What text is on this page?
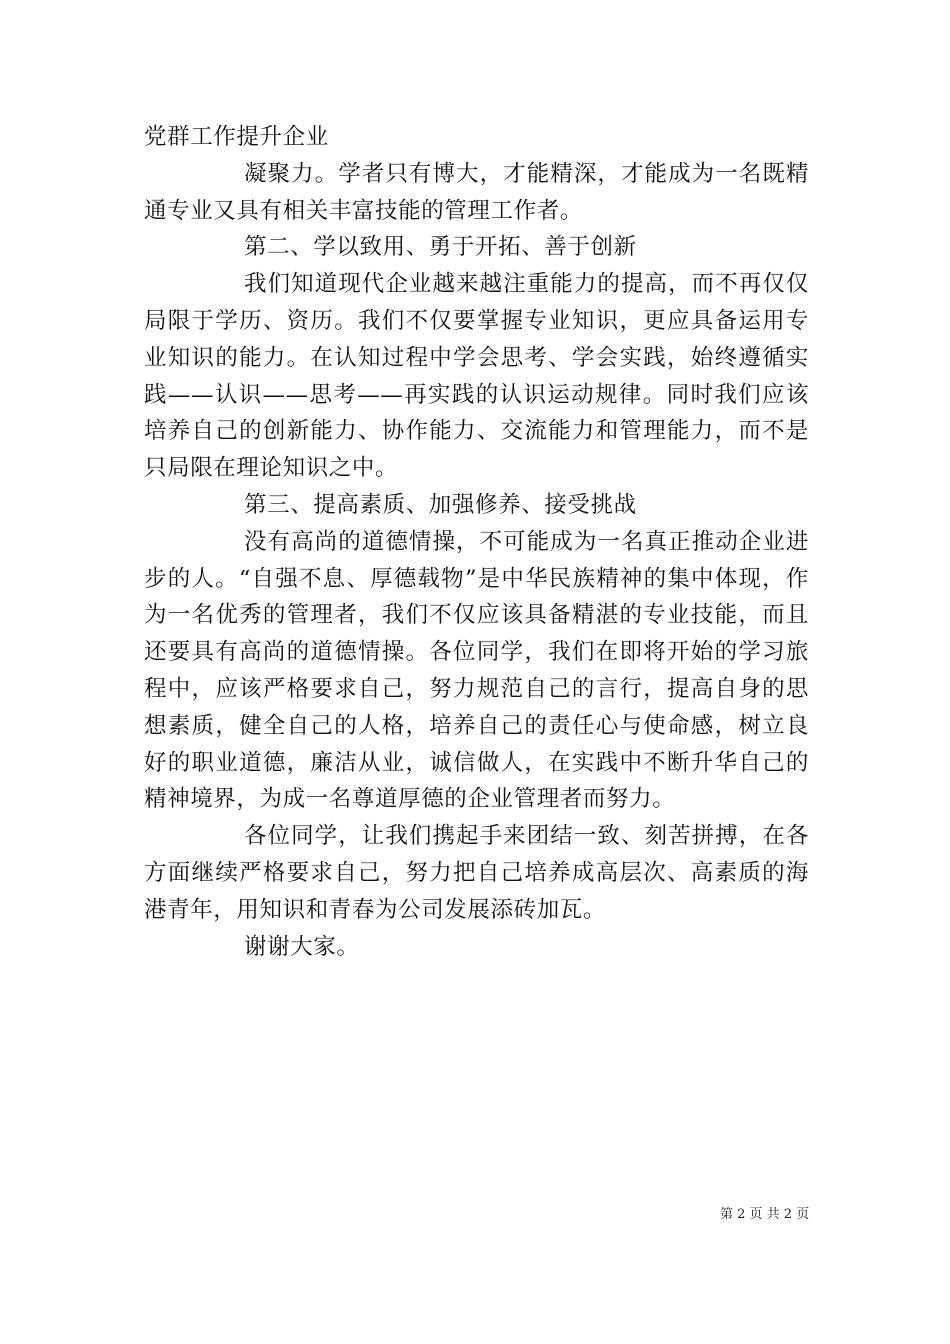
党群工作提升企业

凝聚力。学者只有博大，才能精深，才能成为一名既精通专业又具有相关丰富技能的管理工作者。

第二、学以致用、勇于开拓、善于创新

我们知道现代企业越来越注重能力的提高，而不再仅仅局限于学历、资历。我们不仅要掌握专业知识，更应具备运用专业知识的能力。在认知过程中学会思考、学会实践，始终遵循实践——认识——思考——再实践的认识运动规律。同时我们应该培养自己的创新能力、协作能力、交流能力和管理能力，而不是只局限在理论知识之中。

第三、提高素质、加强修养、接受挑战

没有高尚的道德情操，不可能成为一名真正推动企业进步的人。“自强不息、厚德载物”是中华民族精神的集中体现，作为一名优秀的管理者，我们不仅应该具备精湛的专业技能，而且还要具有高尚的道德情操。各位同学，我们在即将开始的学习旅程中，应该严格要求自己，努力规范自己的言行，提高自身的思想素质，健全自己的人格，培养自己的责任心与使命感，树立良好的职业道德，廉洁从业，诚信做人，在实践中不断升华自己的精神境界，为成一名尊道厚德的企业管理者而努力。

各位同学，让我们携起手来团结一致、刻苦拼搏，在各方面继续严格要求自己，努力把自己培养成高层次、高素质的海港青年，用知识和青春为公司发展添砖加瓦。

谢谢大家。

第 2 页 共 2 页
